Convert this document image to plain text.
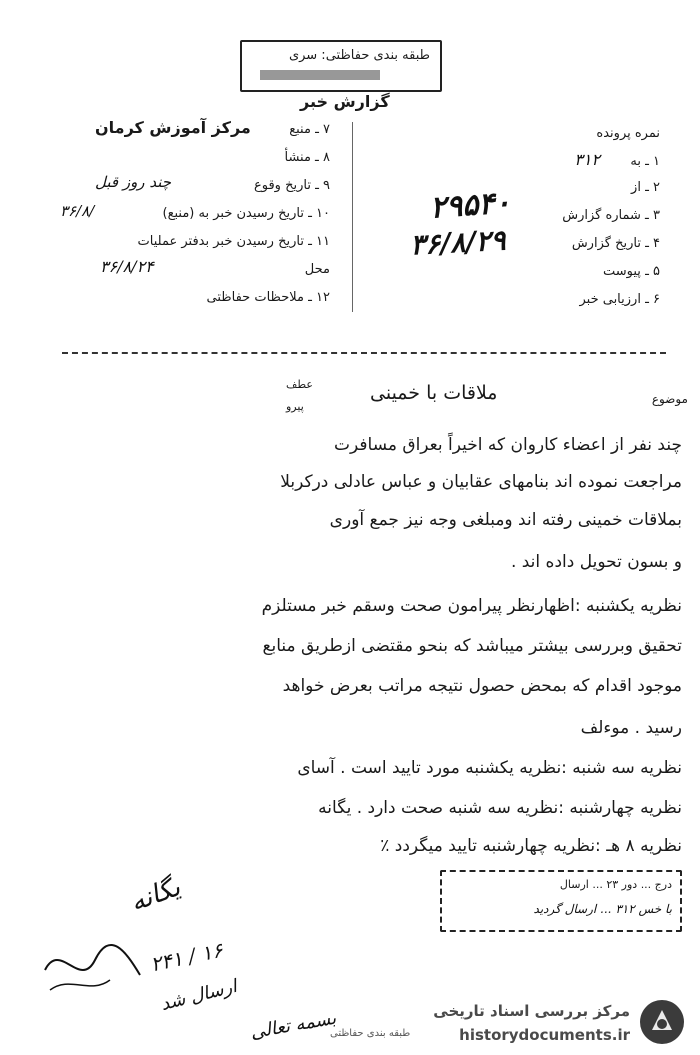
طبقه بندی حفاظتی: سری
گزارش خبر
مرکز آموزش کرمان	نمره پرونده
۱ ـ به
۳۱۲
۲ ـ از
۳ ـ شماره گزارش
۴ ـ تاریخ گزارش
۵ ـ پیوست
۶ ـ ارزیابی خبر
۲۹۵۴۰
۳۶/۸/۲۹
۷ ـ منبع
۸ ـ منشأ
۹ ـ تاریخ وقوع
چند روز قبل
۱۰ ـ تاریخ رسیدن خبر به (منبع)
۳۶/۸/
۱۱ ـ تاریخ رسیدن خبر بدفتر عملیات
محل
۳۶/۸/۲۴
۱۲ ـ ملاحظات حفاظتی
موضوع
ملاقات با خمینی
عطف
پیرو
چند نفر از اعضاء کاروان که اخیراً بعراق مسافرت
مراجعت نموده اند بنامهای عقابیان و عباس عادلی درکربلا
بملاقات خمینی رفته اند ومبلغی وجه نیز جمع آوری
و بسون تحویل داده اند .
نظریه یکشنبه :اظهارنظر پیرامون صحت وسقم خبر مستلزم
تحقیق وبررسی بیشتر میباشد که بنحو مقتضی ازطریق منابع
موجود اقدام که بمحض حصول نتیجه مراتب بعرض خواهد
رسید . موءلف
نظریه سه شنبه :نظریه یکشنبه مورد تایید است . آسای
نظریه چهارشنبه :نظریه سه شنبه صحت دارد . یگانه
نظریه ۸ هـ :نظریه چهارشنبه تایید میگردد ٪
درج ... دور ۲۳ ... ارسال
با خس ۳۱۲ ... ارسال گردید
یگانه
۲۴۱ / ۱۶
ارسال شد
بسمه تعالی
طبقه بندی حفاظتی
مرکز بررسی اسناد تاریخی
historydocuments.ir
